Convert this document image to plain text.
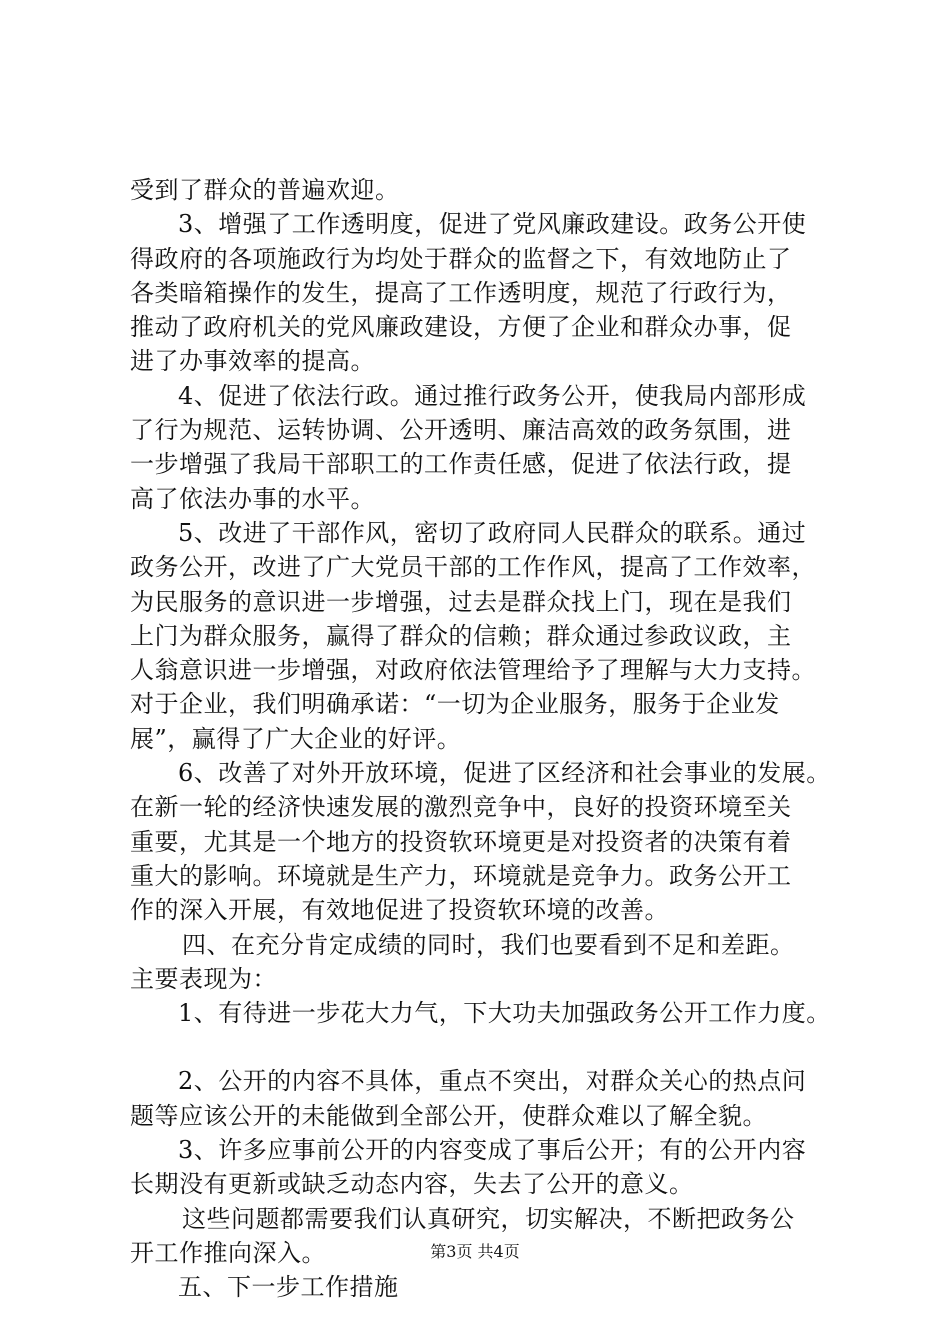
受到了群众的普遍欢迎。
3、增强了工作透明度，促进了党风廉政建设。政务公开使
得政府的各项施政行为均处于群众的监督之下，有效地防止了
各类暗箱操作的发生，提高了工作透明度，规范了行政行为，
推动了政府机关的党风廉政建设，方便了企业和群众办事，促
进了办事效率的提高。
4、促进了依法行政。通过推行政务公开，使我局内部形成
了行为规范、运转协调、公开透明、廉洁高效的政务氛围，进
一步增强了我局干部职工的工作责任感，促进了依法行政，提
高了依法办事的水平。
5、改进了干部作风，密切了政府同人民群众的联系。通过
政务公开，改进了广大党员干部的工作作风，提高了工作效率，
为民服务的意识进一步增强，过去是群众找上门，现在是我们
上门为群众服务，赢得了群众的信赖；群众通过参政议政，主
人翁意识进一步增强，对政府依法管理给予了理解与大力支持。
对于企业，我们明确承诺：“一切为企业服务，服务于企业发
展”，赢得了广大企业的好评。
6、改善了对外开放环境，促进了区经济和社会事业的发展。
在新一轮的经济快速发展的激烈竞争中，良好的投资环境至关
重要，尤其是一个地方的投资软环境更是对投资者的决策有着
重大的影响。环境就是生产力，环境就是竞争力。政务公开工
作的深入开展，有效地促进了投资软环境的改善。
四、在充分肯定成绩的同时，我们也要看到不足和差距。
主要表现为：
1、有待进一步花大力气，下大功夫加强政务公开工作力度。
2、公开的内容不具体，重点不突出，对群众关心的热点问
题等应该公开的未能做到全部公开，使群众难以了解全貌。
3、许多应事前公开的内容变成了事后公开；有的公开内容
长期没有更新或缺乏动态内容，失去了公开的意义。
这些问题都需要我们认真研究，切实解决，不断把政务公
开工作推向深入。
五、下一步工作措施
第3页 共4页
